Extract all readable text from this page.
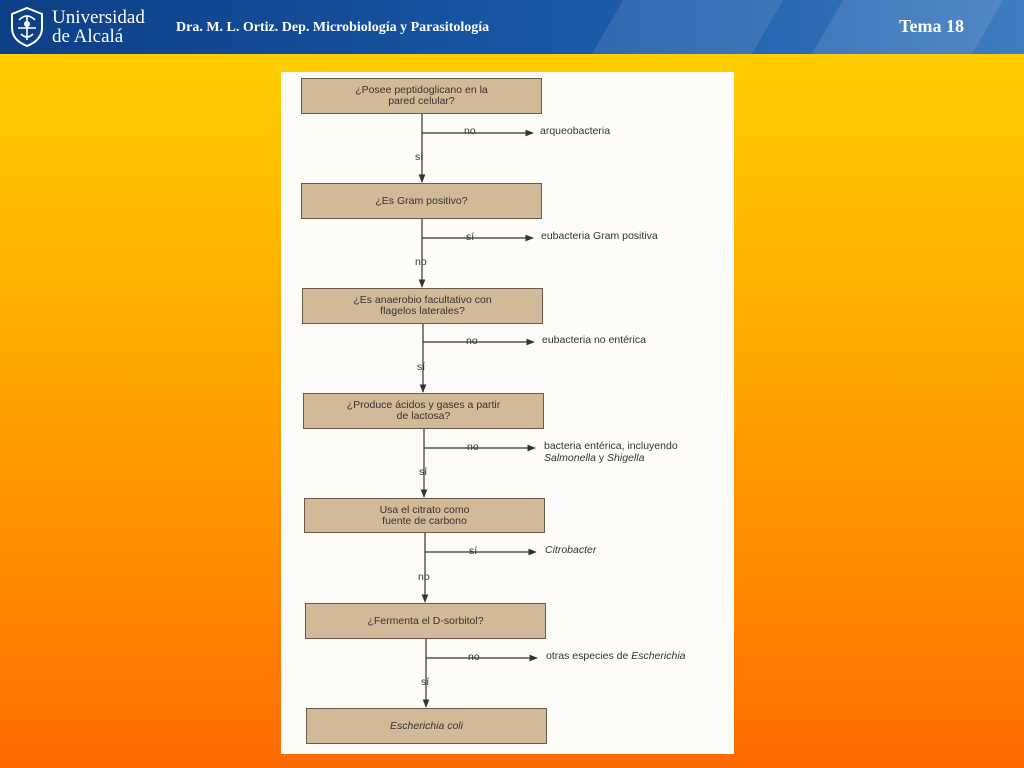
Universidad
de Alcalá	Dra. M. L. Ortiz. Dep. Microbiología y Parasitología	Tema 18
¿Posee peptidoglicano en la
pared celular?
¿Es Gram positivo?
¿Es anaerobio facultativo con
flagelos laterales?
¿Produce ácidos y gases a partir
de lactosa?
Usa el citrato como
fuente de carbono
¿Fermenta el D-sorbitol?
Escherichia coli
no	arqueobacteria
sí
sí	eubacteria Gram positiva
no
no	eubacteria no entérica
sí
no	bacteria entérica, incluyendo
Salmonella y Shigella
sí
sí	Citrobacter
no
no	otras especies de Escherichia
sí
